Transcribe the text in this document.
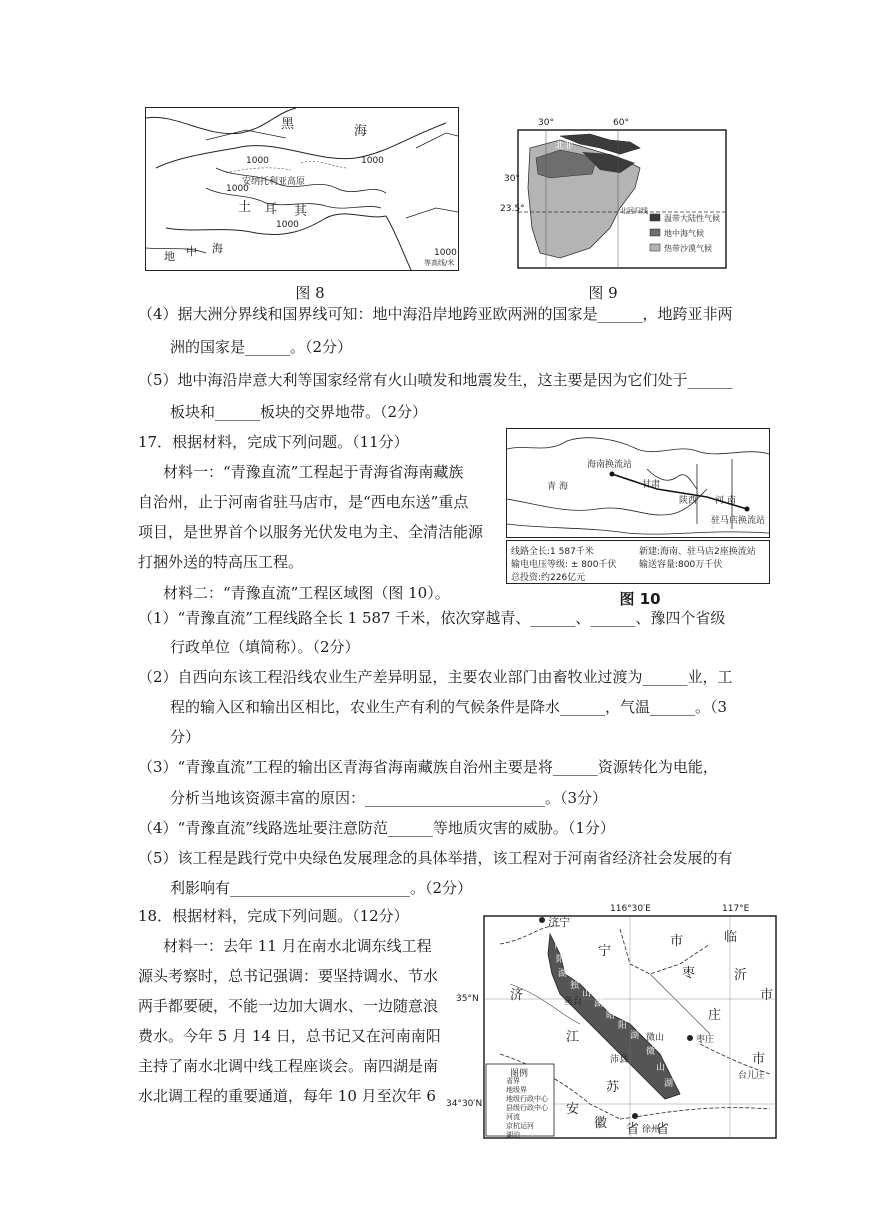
黑	海
安纳托利亚高原
土 耳 其
地 中 海
1000
1000
1000
1000
1000
等高线/米
图 8
30°	60°
30°
23.5°
北非
北回归线
温带大陆性气候
地中海气候
热带沙漠气候
图 9
（4）据大洲分界线和国界线可知：地中海沿岸地跨亚欧两洲的国家是______，地跨亚非两
洲的国家是______。（2分）
（5）地中海沿岸意大利等国家经常有火山喷发和地震发生，这主要是因为它们处于______
板块和______板块的交界地带。（2分）
17．根据材料，完成下列问题。（11分）
材料一：“青豫直流”工程起于青海省海南藏族
自治州，止于河南省驻马店市，是“西电东送”重点
项目，是世界首个以服务光伏发电为主、全清洁能源
打捆外送的特高压工程。
材料二：“青豫直流”工程区域图（图 10）。
海南换流站
青 海	甘肃
陕西 河 南
驻马店换流站
线路全长:1 587千米	新建:海南、驻马店2座换流站
输电电压等级: ± 800千伏	输送容量:800万千伏
总投资:约226亿元
图 10
（1）“青豫直流”工程线路全长 1 587 千米，依次穿越青、______、______、豫四个省级
行政单位（填简称）。（2分）
（2）自西向东该工程沿线农业生产差异明显，主要农业部门由畜牧业过渡为______业，工
程的输入区和输出区相比，农业生产有利的气候条件是降水______，气温______。（3
分）
（3）“青豫直流”工程的输出区青海省海南藏族自治州主要是将______资源转化为电能，
分析当地该资源丰富的原因：________________________。（3分）
（4）“青豫直流”线路选址要注意防范______等地质灾害的威胁。（1分）
（5）该工程是践行党中央绿色发展理念的具体举措，该工程对于河南省经济社会发展的有
利影响有________________________。（2分）
18．根据材料，完成下列问题。（12分）
材料一：去年 11 月在南水北调东线工程
源头考察时，总书记强调：要坚持调水、节水
两手都要硬，不能一边加大调水、一边随意浪
费水。今年 5 月 14 日，总书记又在河南南阳
主持了南水北调中线工程座谈会。南四湖是南
水北调工程的重要通道，每年 10 月至次年 6
116°30′E	117°E
35°N
34°30′N
济宁
宁
市	临
枣	沂
市
济	鱼台
庄
江	微山	枣庄
沛县	市
苏
台儿庄
安
徽 省 省
徐州
南
阳
湖
独
山
湖
昭
阳
湖
微
山
湖
图例
省界
地级界
地级行政中心
县级行政中心
河流
京杭运河
湖泊
